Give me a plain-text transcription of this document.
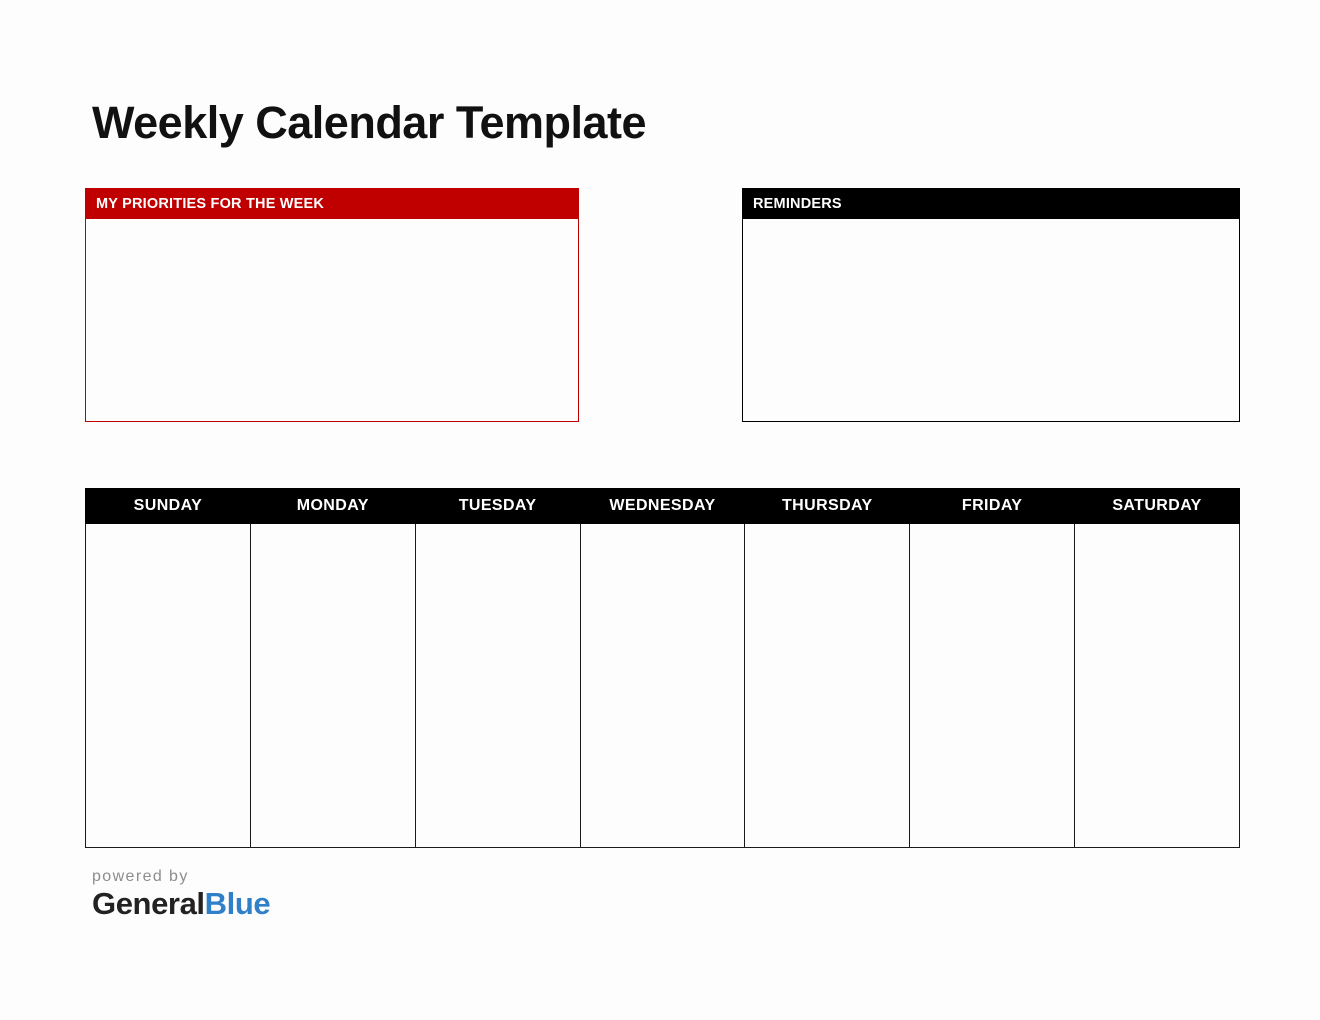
Weekly Calendar Template
MY PRIORITIES FOR THE WEEK	REMINDERS
SUNDAY	MONDAY	TUESDAY	WEDNESDAY	THURSDAY	FRIDAY	SATURDAY

powered by
GeneralBlue
